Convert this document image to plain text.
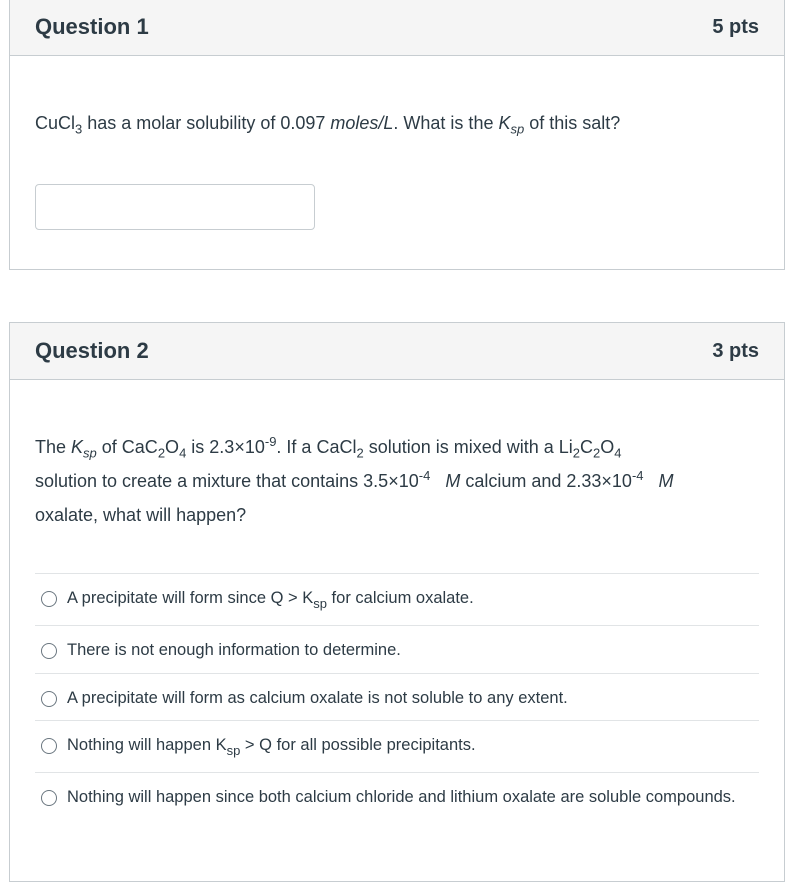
Question 1	5 pts
CuCl$_3$ has a molar solubility of 0.097 moles/L. What is the $K_{sp}$ of this salt?
Question 2	3 pts
The $K_{sp}$ of $CaC_2O_4$ is $2.3\times 10^{-9}$. If a CaCl$_2$ solution is mixed with a $Li_2C_2O_4$
solution to create a mixture that contains $3.5\times 10^{-4}$ M calcium and $2.33\times 10^{-4}$ M
oxalate, what will happen?
A precipitate will form since $Q > K_{sp}$ for calcium oxalate.
There is not enough information to determine.
A precipitate will form as calcium oxalate is not soluble to any extent.
Nothing will happen $K_{sp} > Q$ for all possible precipitants.
Nothing will happen since both calcium chloride and lithium oxalate are soluble compounds.
